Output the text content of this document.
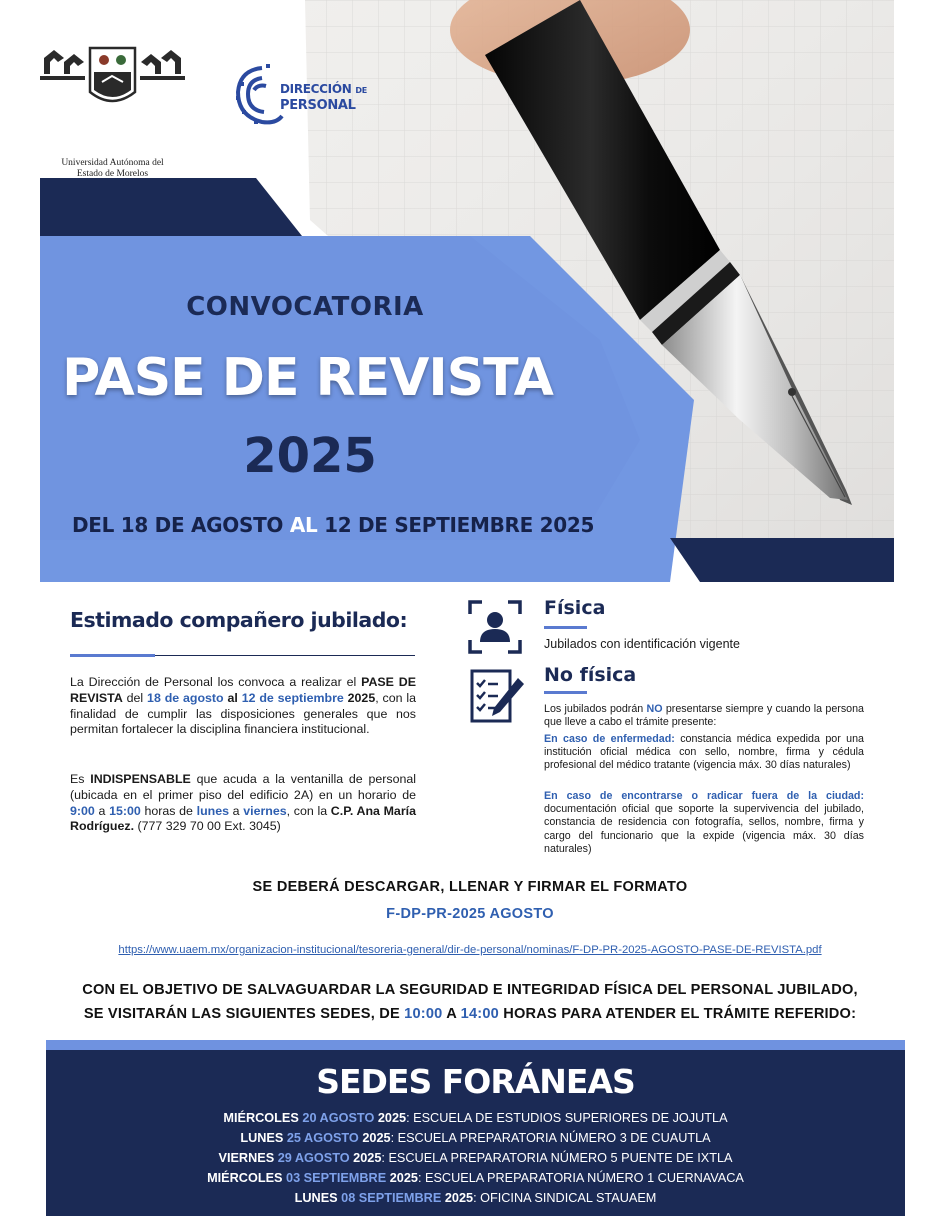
CONVOCATORIA
PASE DE REVISTA
2025
DEL 18 DE AGOSTO AL 12 DE SEPTIEMBRE 2025
Universidad Autónoma del
Estado de Morelos
DIRECCIÓN DE
PERSONAL
Estimado compañero jubilado:
La Dirección de Personal los convoca a realizar el PASE DE REVISTA del 18 de agosto al 12 de septiembre 2025, con la finalidad de cumplir las disposiciones generales que nos permitan fortalecer la disciplina financiera institucional.
Es INDISPENSABLE que acuda a la ventanilla de personal (ubicada en el primer piso del edificio 2A) en un horario de 9:00 a 15:00 horas de lunes a viernes, con la C.P. Ana María Rodríguez. (777 329 70 00 Ext. 3045)
Física
Jubilados con identificación vigente
No física
Los jubilados podrán NO presentarse siempre y cuando la persona que lleve a cabo el trámite presente:
En caso de enfermedad: constancia médica expedida por una institución oficial médica con sello, nombre, firma y cédula profesional del médico tratante (vigencia máx. 30 días naturales)
En caso de encontrarse o radicar fuera de la ciudad: documentación oficial que soporte la supervivencia del jubilado, constancia de residencia con fotografía, sellos, nombre, firma y cargo del funcionario que la expide (vigencia máx. 30 días naturales)
SE DEBERÁ DESCARGAR, LLENAR Y FIRMAR EL FORMATO
F-DP-PR-2025 AGOSTO
https://www.uaem.mx/organizacion-institucional/tesoreria-general/dir-de-personal/nominas/F-DP-PR-2025-AGOSTO-PASE-DE-REVISTA.pdf
CON EL OBJETIVO DE SALVAGUARDAR LA SEGURIDAD E INTEGRIDAD FÍSICA DEL PERSONAL JUBILADO,
SE VISITARÁN LAS SIGUIENTES SEDES, DE 10:00 A 14:00 HORAS PARA ATENDER EL TRÁMITE REFERIDO:
SEDES FORÁNEAS
MIÉRCOLES 20 AGOSTO 2025: ESCUELA DE ESTUDIOS SUPERIORES DE JOJUTLA
LUNES 25 AGOSTO 2025: ESCUELA PREPARATORIA NÚMERO 3 DE CUAUTLA
VIERNES 29 AGOSTO 2025: ESCUELA PREPARATORIA NÚMERO 5 PUENTE DE IXTLA
MIÉRCOLES 03 SEPTIEMBRE 2025: ESCUELA PREPARATORIA NÚMERO 1 CUERNAVACA
LUNES 08 SEPTIEMBRE 2025: OFICINA SINDICAL STAUAEM
